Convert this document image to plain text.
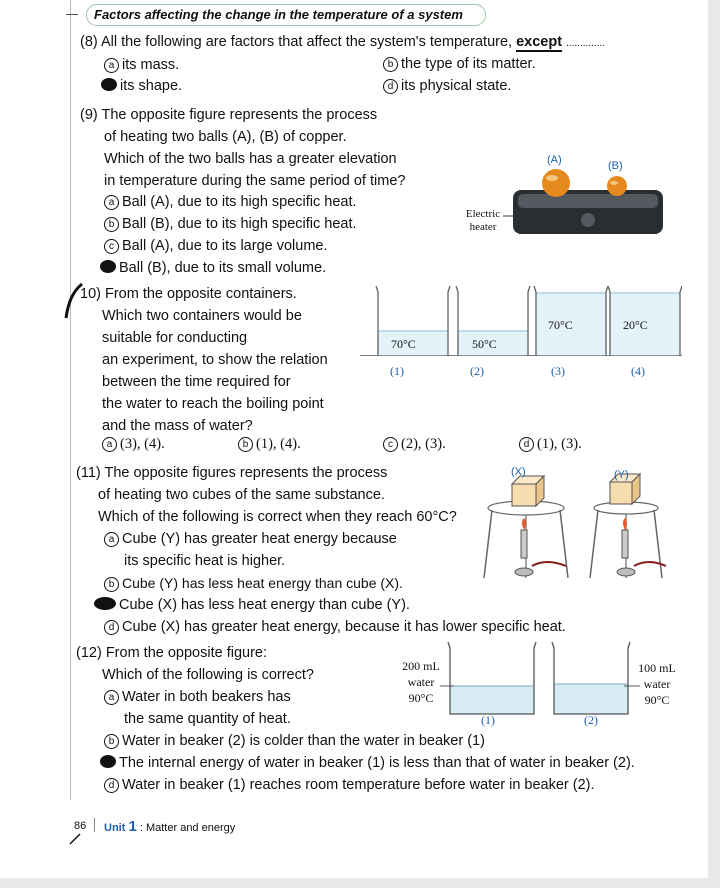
Factors affecting the change in the temperature of a system
(8) All the following are factors that affect the system's temperature, except ..............
a its mass.	b the type of its matter.
its shape.	d its physical state.
(9) The opposite figure represents the process
of heating two balls (A), (B) of copper.
Which of the two balls has a greater elevation
in temperature during the same period of time?
a Ball (A), due to its high specific heat.
b Ball (B), due to its high specific heat.
c Ball (A), due to its large volume.
Ball (B), due to its small volume.
(A)	(B)
Electric
heater
10) From the opposite containers.
Which two containers would be
suitable for conducting
an experiment, to show the relation
between the time required for
the water to reach the boiling point
and the mass of water?
a (3), (4).	b (1), (4).	c (2), (3).	d (1), (3).
70°C	50°C
70°C	20°C
(1)	(2)	(3)	(4)
(11) The opposite figures represents the process
of heating two cubes of the same substance.
Which of the following is correct when they reach 60°C?
a Cube (Y) has greater heat energy because
its specific heat is higher.
b Cube (Y) has less heat energy than cube (X).
Cube (X) has less heat energy than cube (Y).
d Cube (X) has greater heat energy, because it has lower specific heat.
(X)	(Y)
(12) From the opposite figure:
Which of the following is correct?
a Water in both beakers has
the same quantity of heat.
b Water in beaker (2) is colder than the water in beaker (1)
The internal energy of water in beaker (1) is less than that of water in beaker (2).
d Water in beaker (1) reaches room temperature before water in beaker (2).
200 mL
water
90°C
100 mL
water
90°C
(1)	(2)
86 Unit 1 : Matter and energy
